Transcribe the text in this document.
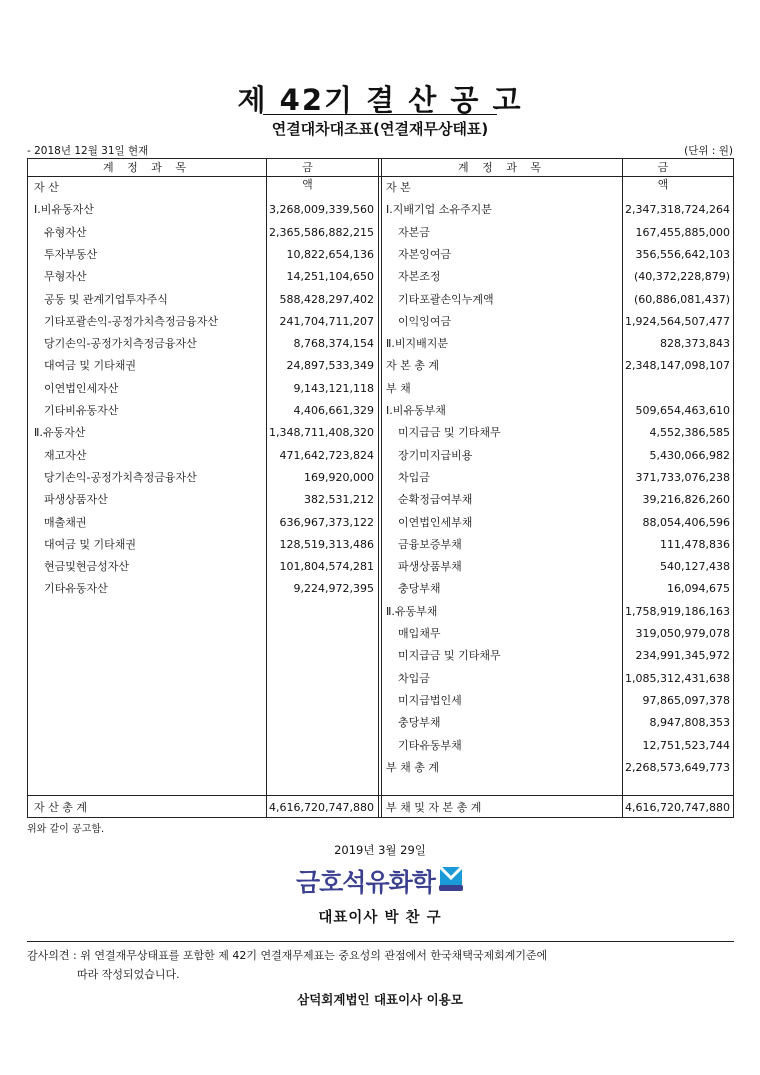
제 42기 결 산 공 고
연결대차대조표(연결재무상태표)
- 2018년 12월 31일 현재	(단위 : 원)
계 정 과 목	금 액
계 정 과 목	금 액
자 산
Ⅰ.비유동자산	3,268,009,339,560
유형자산	2,365,586,882,215
투자부동산	10,822,654,136
무형자산	14,251,104,650
공동 및 관계기업투자주식	588,428,297,402
기타포괄손익-공정가치측정금융자산	241,704,711,207
당기손익-공정가치측정금융자산	8,768,374,154
대여금 및 기타채권	24,897,533,349
이연법인세자산	9,143,121,118
기타비유동자산	4,406,661,329
Ⅱ.유동자산	1,348,711,408,320
재고자산	471,642,723,824
당기손익-공정가치측정금융자산	169,920,000
파생상품자산	382,531,212
매출채권	636,967,373,122
대여금 및 기타채권	128,519,313,486
현금및현금성자산	101,804,574,281
기타유동자산	9,224,972,395
자 본
Ⅰ.지배기업 소유주지분	2,347,318,724,264
자본금	167,455,885,000
자본잉여금	356,556,642,103
자본조정	(40,372,228,879)
기타포괄손익누계액	(60,886,081,437)
이익잉여금	1,924,564,507,477
Ⅱ.비지배지분	828,373,843
자 본 총 계	2,348,147,098,107
부 채
Ⅰ.비유동부채	509,654,463,610
미지급금 및 기타채무	4,552,386,585
장기미지급비용	5,430,066,982
차입금	371,733,076,238
순확정급여부채	39,216,826,260
이연법인세부채	88,054,406,596
금융보증부채	111,478,836
파생상품부채	540,127,438
충당부채	16,094,675
Ⅱ.유동부채	1,758,919,186,163
매입채무	319,050,979,078
미지급금 및 기타채무	234,991,345,972
차입금	1,085,312,431,638
미지급법인세	97,865,097,378
충당부채	8,947,808,353
기타유동부채	12,751,523,744
부 채 총 계	2,268,573,649,773
자 산 총 계	4,616,720,747,880 부 채 및 자 본 총 계	4,616,720,747,880
위와 같이 공고함.
2019년 3월 29일
금호석유화학
대표이사 박 찬 구
감사의견 : 위 연결재무상태표를 포함한 제 42기 연결재무제표는 중요성의 관점에서 한국채택국제회계기준에
따라 작성되었습니다.
삼덕회계법인 대표이사 이용모
